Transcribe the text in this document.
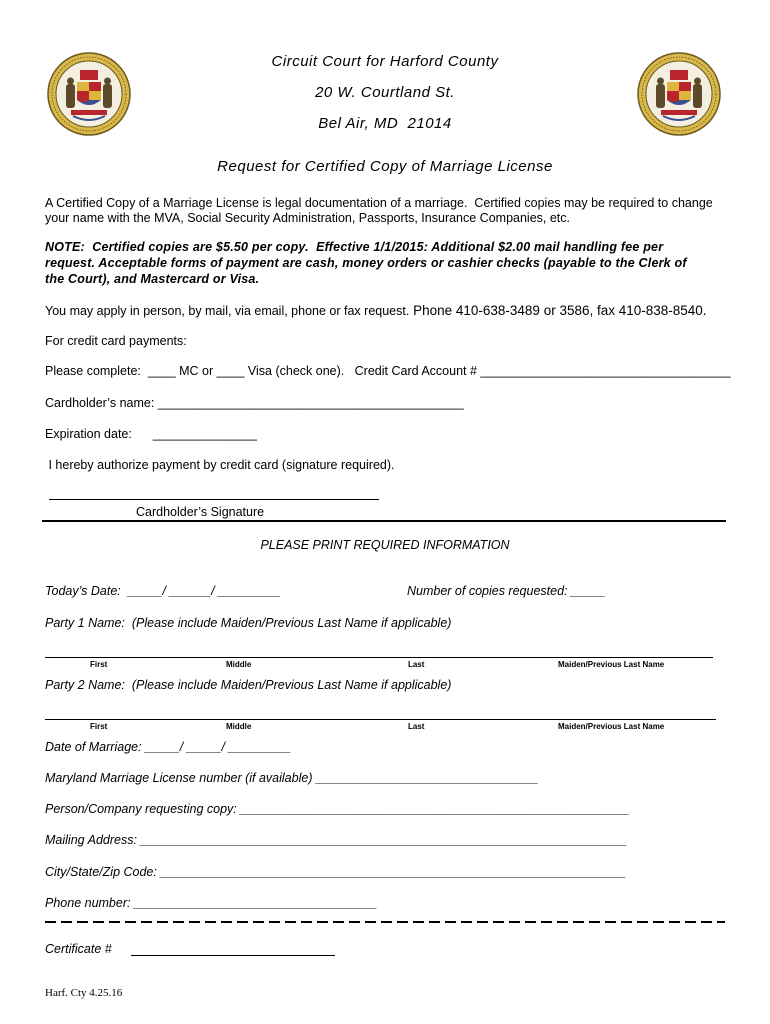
Circuit Court for Harford County
20 W. Courtland St.
Bel Air, MD  21014
Request for Certified Copy of Marriage License
A Certified Copy of a Marriage License is legal documentation of a marriage.  Certified copies may be required to change
your name with the MVA, Social Security Administration, Passports, Insurance Companies, etc.
NOTE:  Certified copies are $5.50 per copy.  Effective 1/1/2015: Additional $2.00 mail handling fee per
request. Acceptable forms of payment are cash, money orders or cashier checks (payable to the Clerk of
the Court), and Mastercard or Visa.
You may apply in person, by mail, via email, phone or fax request. Phone 410-638-3489 or 3586, fax 410-838-8540.
For credit card payments:
Please complete:  ____ MC or ____ Visa (check one).   Credit Card Account # ____________________________________
Cardholder’s name: ____________________________________________
Expiration date:      _______________
I hereby authorize payment by credit card (signature required).
Cardholder’s Signature
PLEASE PRINT REQUIRED INFORMATION
Today’s Date:  _____/ ______/ _________	Number of copies requested: _____
Party 1 Name:  (Please include Maiden/Previous Last Name if applicable)
First	Middle	Last	Maiden/Previous Last Name
Party 2 Name:  (Please include Maiden/Previous Last Name if applicable)
First	Middle	Last	Maiden/Previous Last Name
Date of Marriage: _____/ _____/ _________
Maryland Marriage License number (if available) ________________________________
Person/Company requesting copy: ________________________________________________________
Mailing Address: ______________________________________________________________________
City/State/Zip Code: ___________________________________________________________________
Phone number: ___________________________________
Certificate #
Harf. Cty 4.25.16
